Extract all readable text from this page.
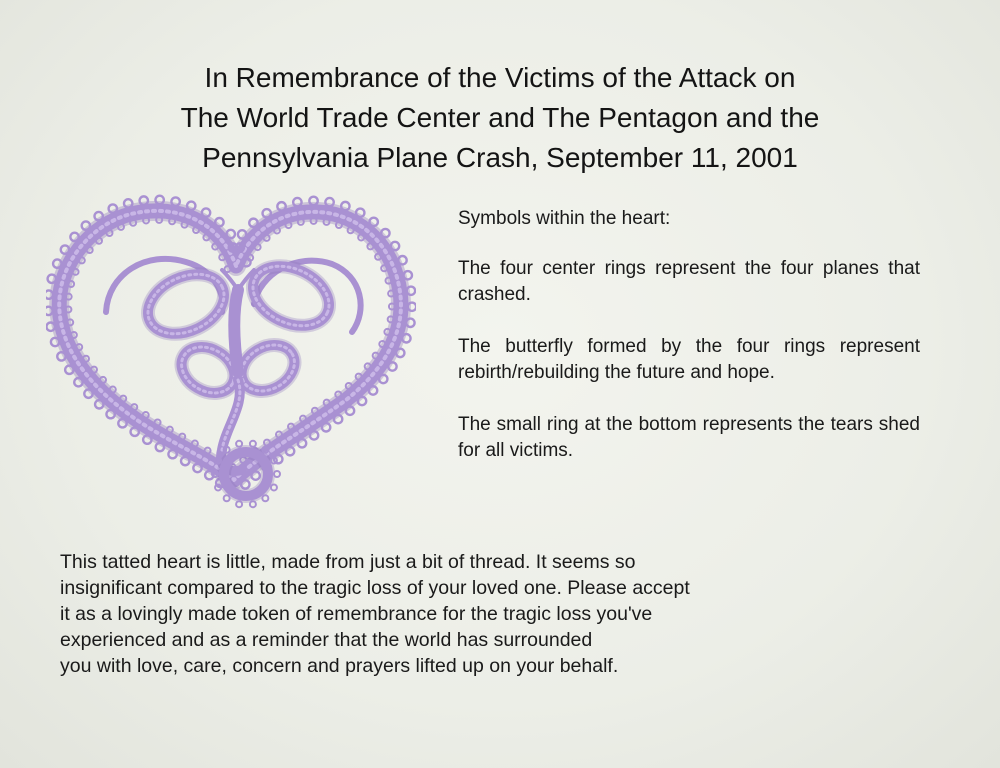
In Remembrance of the Victims of the Attack on
The World Trade Center and The Pentagon and the
Pennsylvania Plane Crash, September 11, 2001

Symbols within the heart:

The four center rings represent the four planes that crashed.

The butterfly formed by the four rings represent rebirth/rebuilding the future and hope.

The small ring at the bottom represents the tears shed for all victims.

This tatted heart is little, made from just a bit of thread. It seems so
insignificant compared to the tragic loss of your loved one. Please accept
it as a lovingly made token of remembrance for the tragic loss you've
experienced and as a reminder that the world has surrounded
you with love, care, concern and prayers lifted up on your behalf.
